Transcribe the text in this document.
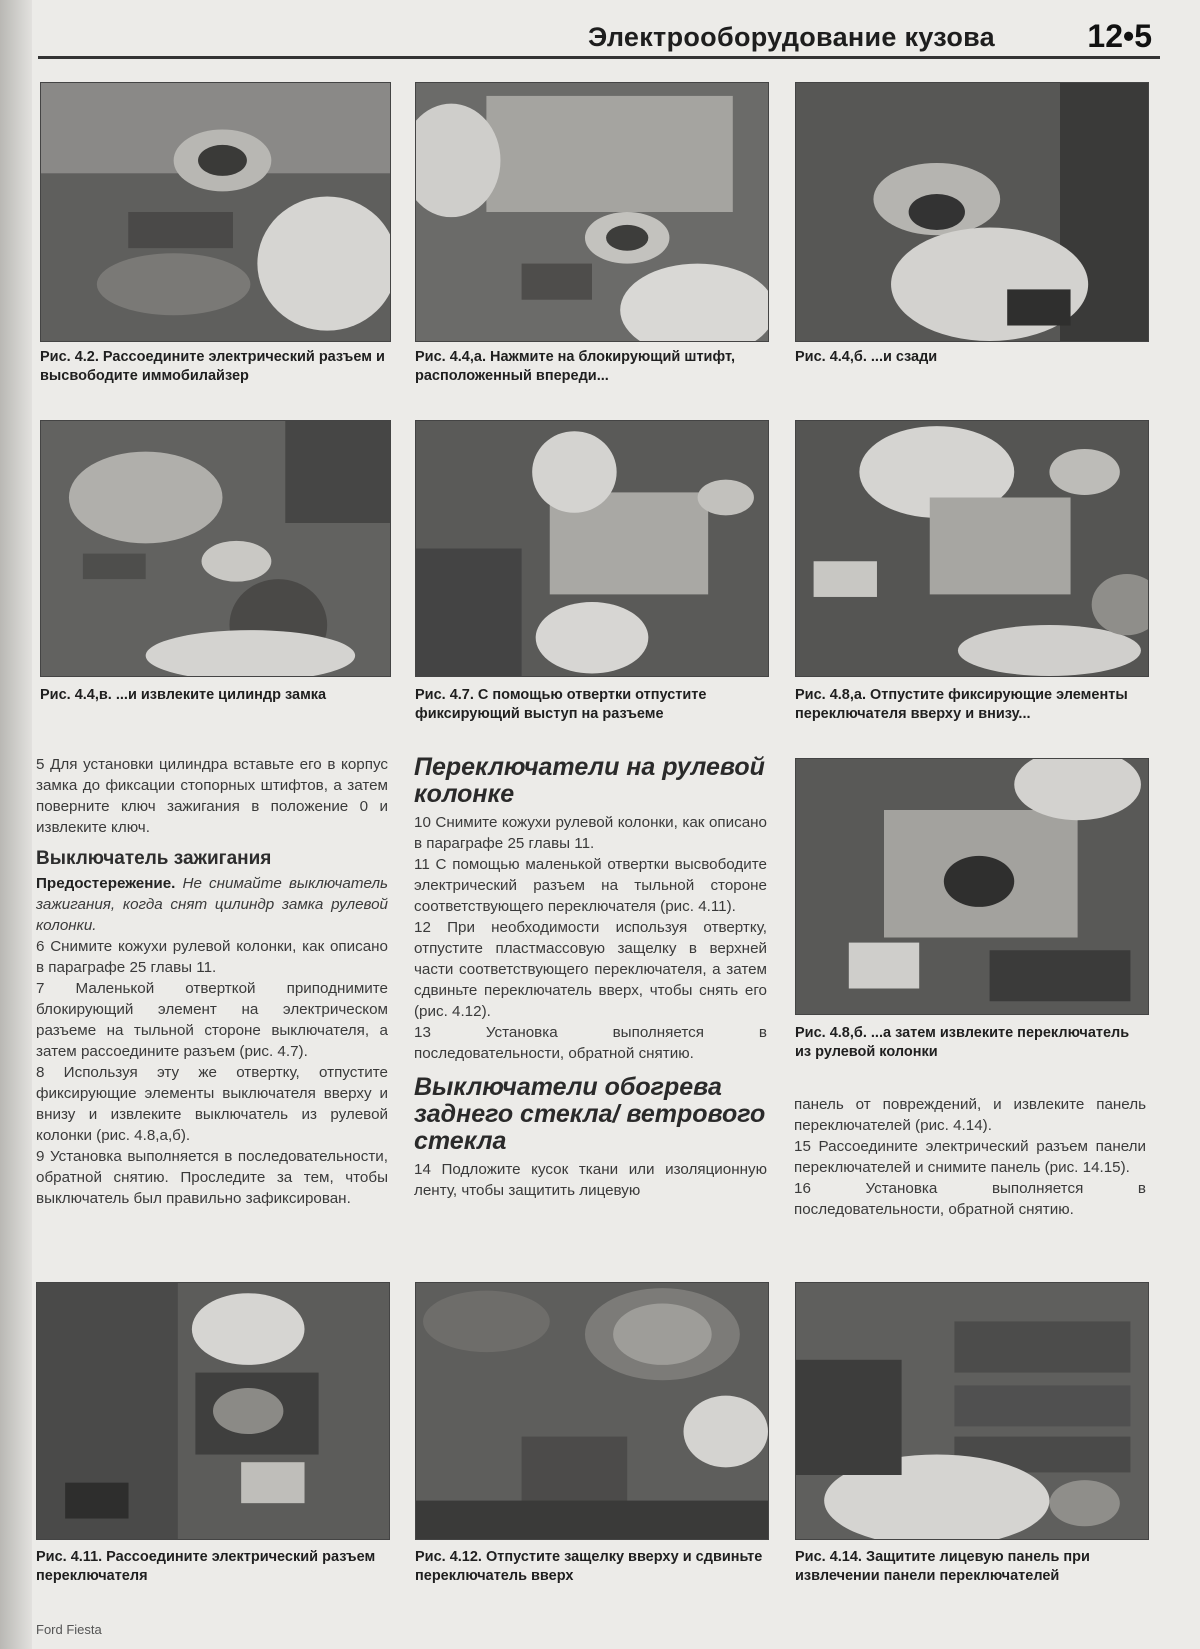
Электрооборудование кузова	12•5
Рис. 4.2. Рассоедините электрический разъем и высвободите иммобилайзер
Рис. 4.4,а. Нажмите на блокирующий штифт, расположенный впереди...
Рис. 4.4,б. ...и сзади
Рис. 4.4,в. ...и извлеките цилиндр замка	Рис. 4.7. С помощью отвертки отпустите фиксирующий выступ на разъеме
Рис. 4.8,а. Отпустите фиксирующие элементы переключателя вверху и внизу...

5 Для установки цилиндра вставьте его в корпус замка до фиксации стопорных штифтов, а затем поверните ключ зажигания в положение 0 и извлеките ключ.

Выключатель зажигания

Предостережение. Не снимайте выключатель зажигания, когда снят цилиндр замка рулевой колонки.

6 Снимите кожухи рулевой колонки, как описано в параграфе 25 главы 11.

7 Маленькой отверткой приподнимите блокирующий элемент на электрическом разъеме на тыльной стороне выключателя, а затем рассоедините разъем (рис. 4.7).

8 Используя эту же отвертку, отпустите фиксирующие элементы выключателя вверху и внизу и извлеките выключатель из рулевой колонки (рис. 4.8,а,б).

9 Установка выполняется в последовательности, обратной снятию. Проследите за тем, чтобы выключатель был правильно зафиксирован.

Переключатели на рулевой колонке

10 Снимите кожухи рулевой колонки, как описано в параграфе 25 главы 11.

11 С помощью маленькой отвертки высвободите электрический разъем на тыльной стороне соответствующего переключателя (рис. 4.11).

12 При необходимости используя отвертку, отпустите пластмассовую защелку в верхней части соответствующего переключателя, а затем сдвиньте переключатель вверх, чтобы снять его (рис. 4.12).

13 Установка выполняется в последовательности, обратной снятию.

Выключатели обогрева заднего стекла/ ветрового стекла

14 Подложите кусок ткани или изоляционную ленту, чтобы защитить лицевую

Рис. 4.8,б. ...а затем извлеките переключатель из рулевой колонки

панель от повреждений, и извлеките панель переключателей (рис. 4.14).

15 Рассоедините электрический разъем панели переключателей и снимите панель (рис. 14.15).

16 Установка выполняется в последовательности, обратной снятию.

Рис. 4.11. Рассоедините электрический разъем переключателя
Рис. 4.12. Отпустите защелку вверху и сдвиньте переключатель вверх
Рис. 4.14. Защитите лицевую панель при извлечении панели переключателей
Ford Fiesta
